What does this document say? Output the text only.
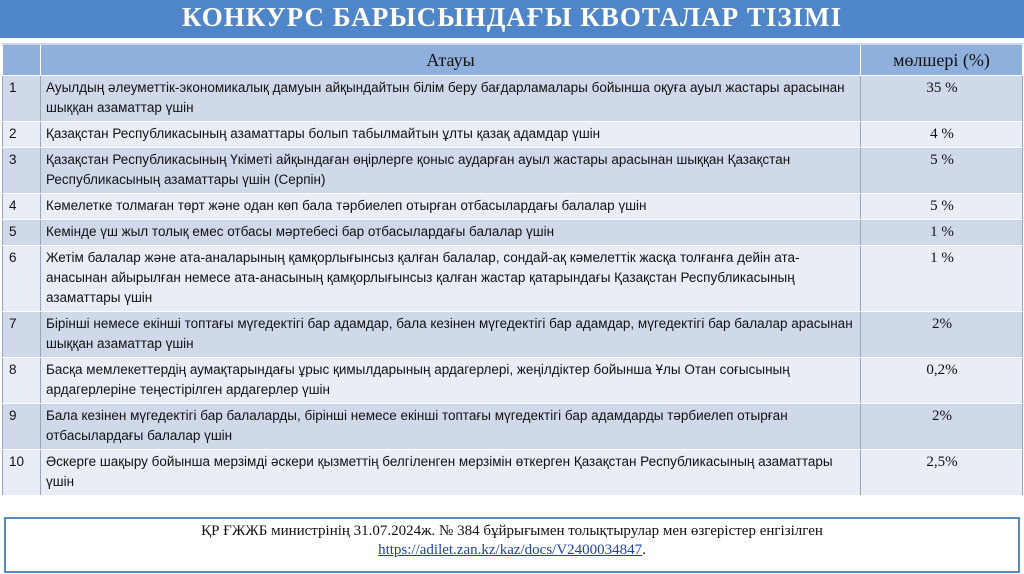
КОНКУРС БАРЫСЫНДАҒЫ КВОТАЛАР ТІЗІМІ
	Атауы	мөлшері (%)
1	Ауылдың әлеуметтік-экономикалық дамуын айқындайтын білім беру бағдарламалары бойынша оқуға ауыл жастары арасынан шыққан азаматтар үшін	35 %
2	Қазақстан Республикасының азаматтары болып табылмайтын ұлты қазақ адамдар үшін	4 %
3	Қазақстан Республикасының Үкіметі айқындаған өңірлерге қоныс аударған ауыл жастары арасынан шыққан Қазақстан Республикасының азаматтары үшін (Серпін)	5 %
4	Кәмелетке толмаған төрт және одан көп бала тәрбиелеп отырған отбасылардағы балалар үшін	5 %
5	Кемінде үш жыл толық емес отбасы мәртебесі бар отбасылардағы балалар үшін	1 %
6	Жетім балалар және ата-аналарының қамқорлығынсыз қалған балалар, сондай-ақ кәмелеттік жасқа толғанға дейін ата-анасынан айырылған немесе ата-анасының қамқорлығынсыз қалған жастар қатарындағы Қазақстан Республикасының азаматтары үшін	1 %
7	Бірінші немесе екінші топтағы мүгедектігі бар адамдар, бала кезінен мүгедектігі бар адамдар, мүгедектігі бар балалар арасынан шыққан азаматтар үшін	2%
8	Басқа мемлекеттердің аумақтарындағы ұрыс қимылдарының ардагерлері, жеңілдіктер бойынша Ұлы Отан соғысының ардагерлеріне теңестірілген ардагерлер үшін	0,2%
9	Бала кезінен мүгедектігі бар балаларды, бірінші немесе екінші топтағы мүгедектігі бар адамдарды тәрбиелеп отырған отбасылардағы балалар үшін	2%
10	Әскерге шақыру бойынша мерзімді әскери қызметтің белгіленген мерзімін өткерген Қазақстан Республикасының азаматтары үшін	2,5%
ҚР ҒЖЖБ министрінің 31.07.2024ж. № 384 бұйрығымен толықтырулар мен өзгерістер енгізілген
https://adilet.zan.kz/kaz/docs/V2400034847.
